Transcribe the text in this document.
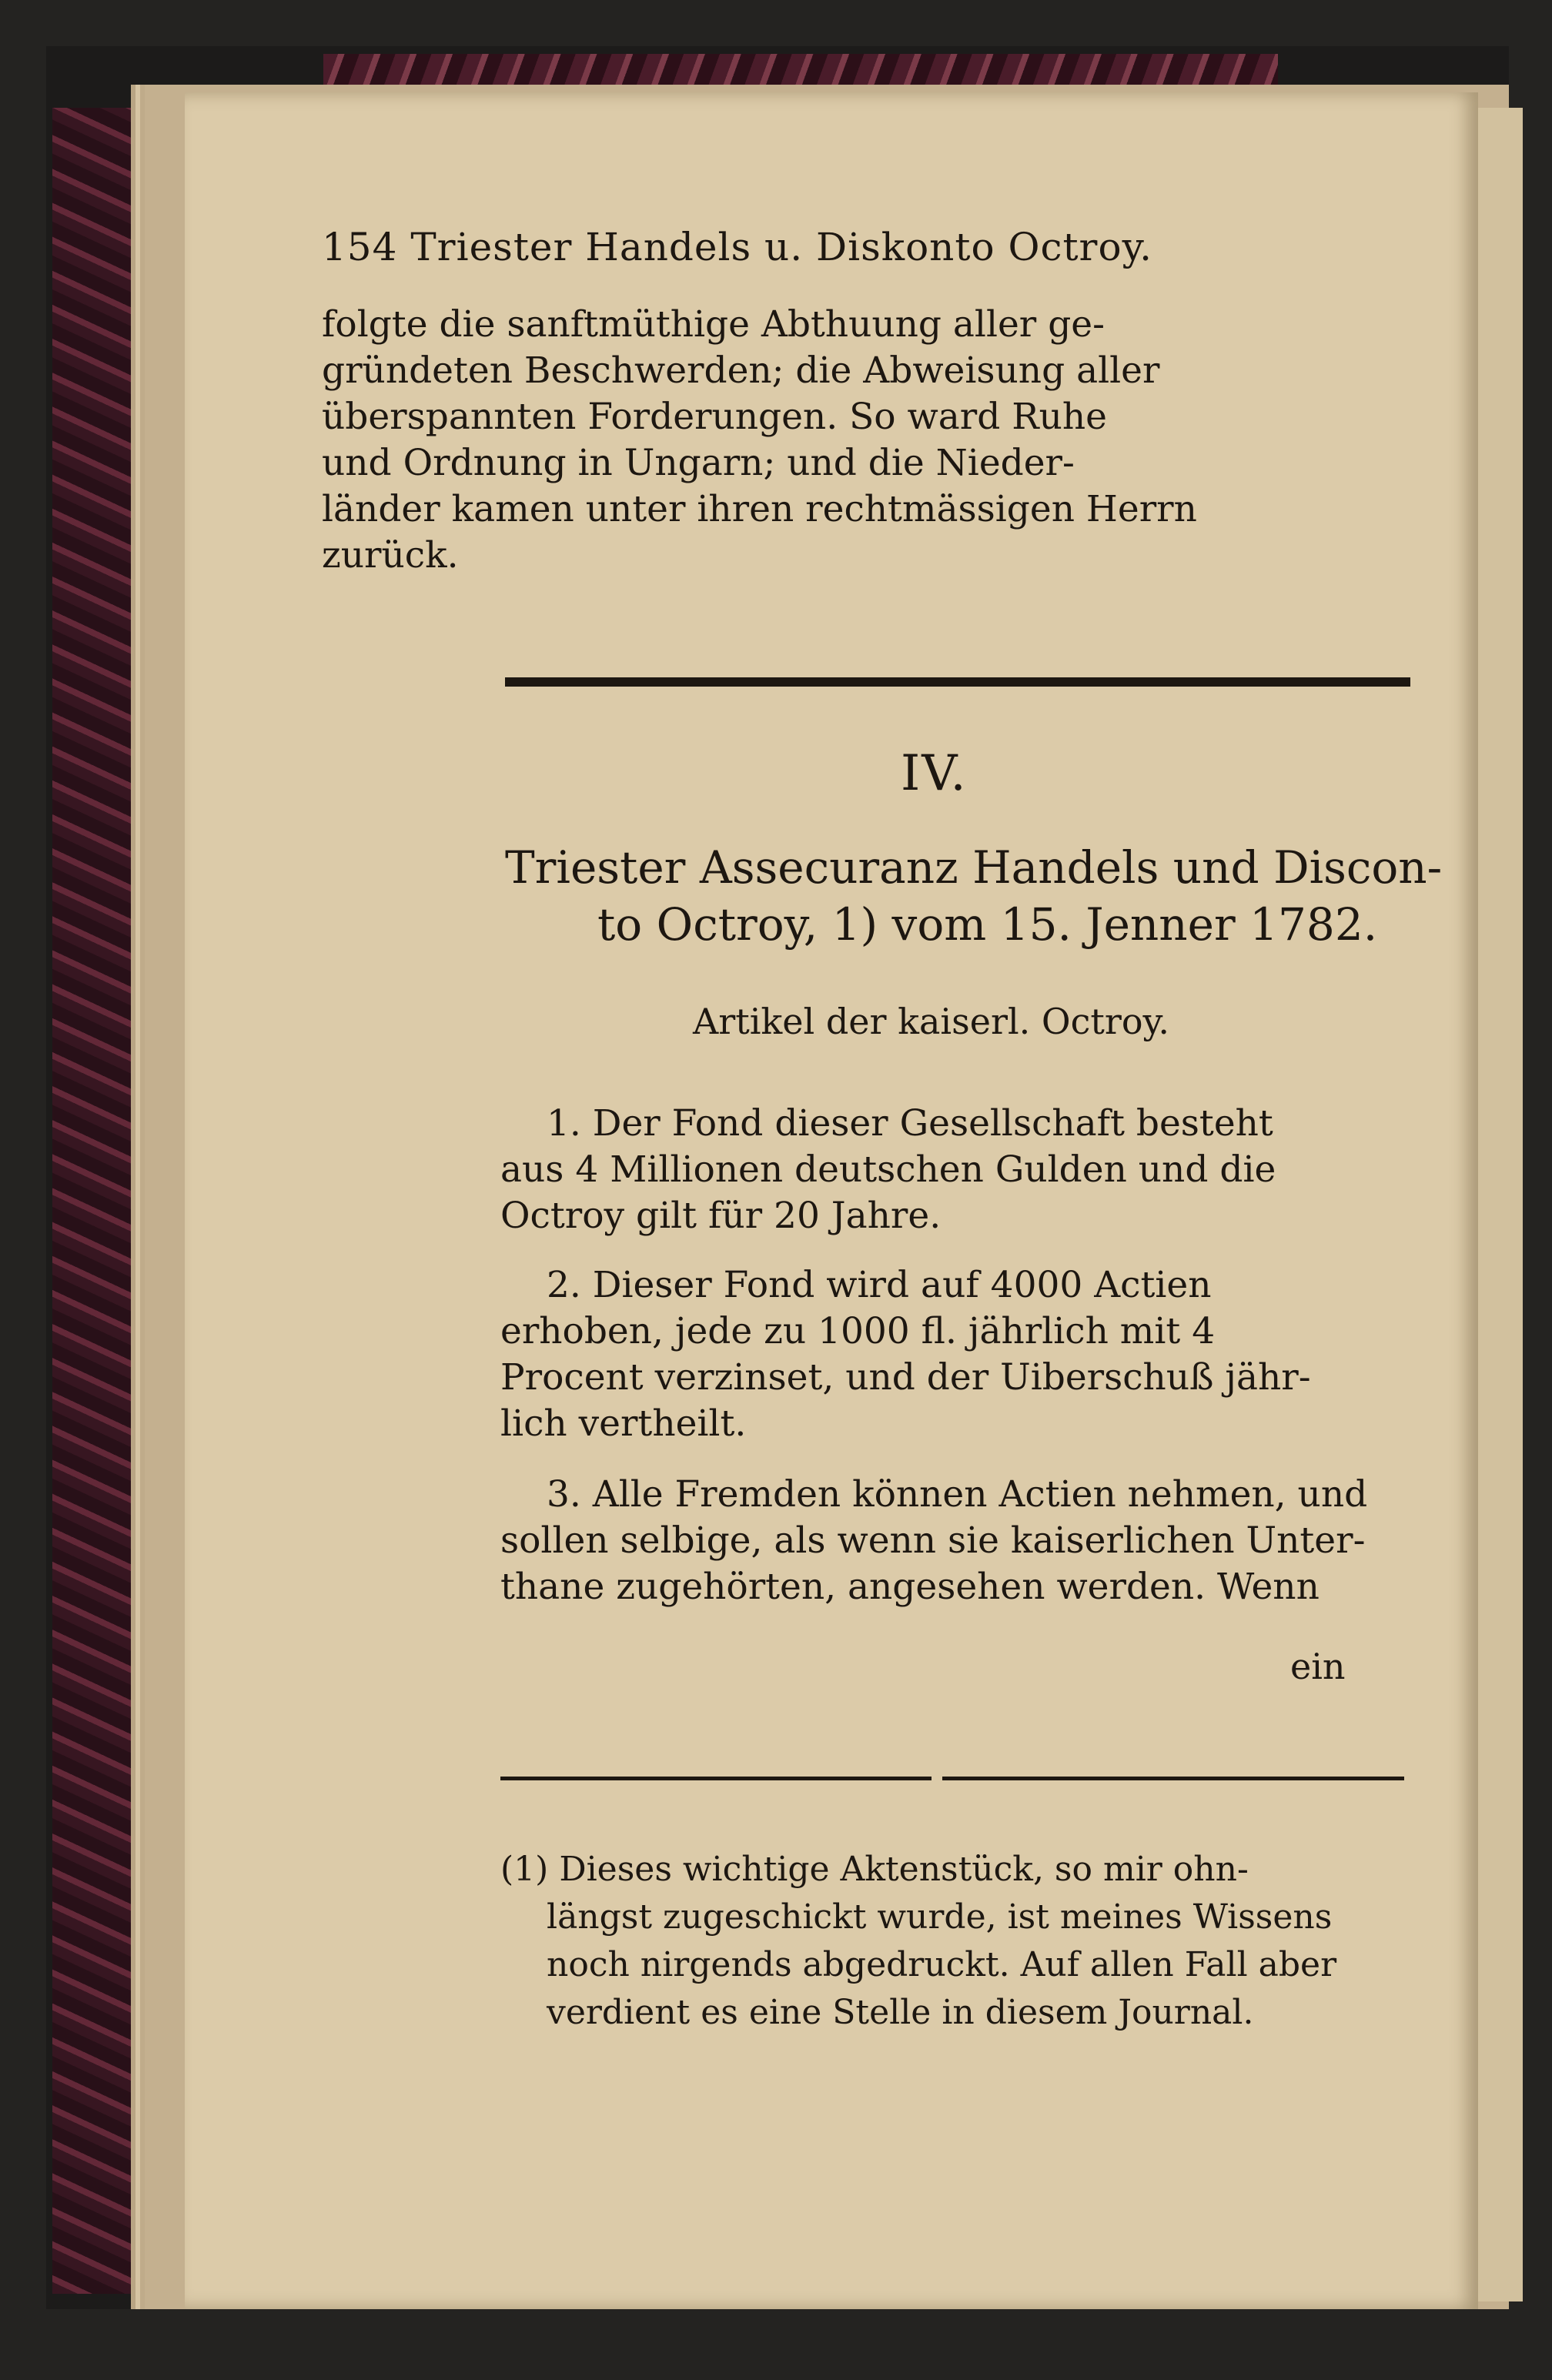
154 Triester Handels u. Diskonto Octroy.

folgte die sanftmüthige Abthuung aller ge-
gründeten Beschwerden; die Abweisung aller
überspannten Forderungen. So ward Ruhe
und Ordnung in Ungarn; und die Nieder-
länder kamen unter ihren rechtmässigen Herrn
zurück.

IV.

Triester Assecuranz Handels und Discon-
to Octroy, 1) vom 15. Jenner 1782.

Artikel der kaiserl. Octroy.

1. Der Fond dieser Gesellschaft besteht
aus 4 Millionen deutschen Gulden und die
Octroy gilt für 20 Jahre.
2. Dieser Fond wird auf 4000 Actien
erhoben, jede zu 1000 fl. jährlich mit 4
Procent verzinset, und der Uiberschuß jähr-
lich vertheilt.
3. Alle Fremden können Actien nehmen, und
sollen selbige, als wenn sie kaiserlichen Unter-
thane zugehörten, angesehen werden. Wenn

ein

(1) Dieses wichtige Aktenstück, so mir ohn-
längst zugeschickt wurde, ist meines Wissens
noch nirgends abgedruckt. Auf allen Fall aber
verdient es eine Stelle in diesem Journal.
